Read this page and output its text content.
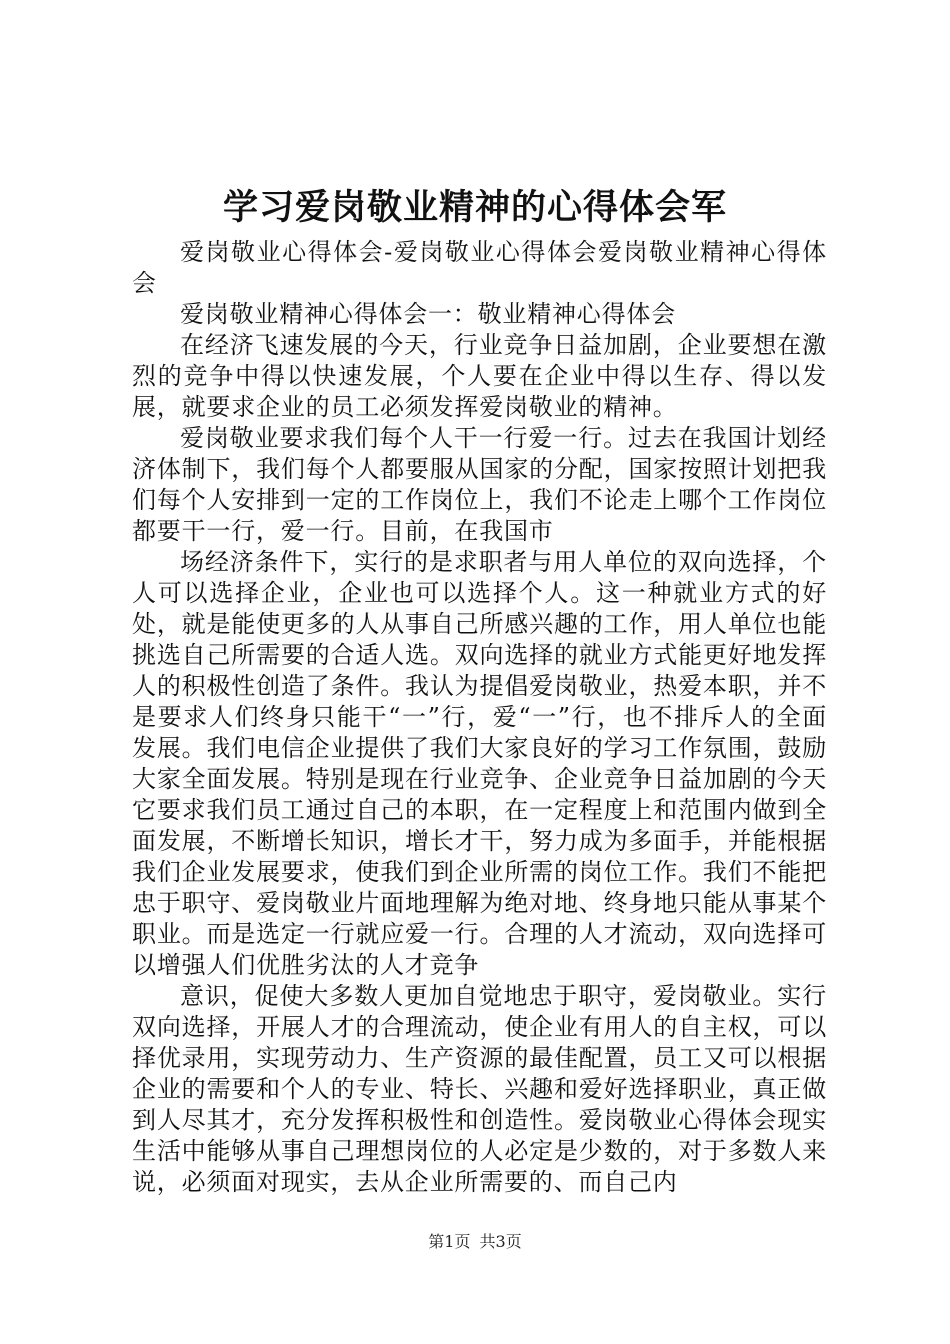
学习爱岗敬业精神的心得体会军

爱岗敬业心得体会-爱岗敬业心得体会爱岗敬业精神心得体会

爱岗敬业精神心得体会一：敬业精神心得体会

在经济飞速发展的今天，行业竞争日益加剧，企业要想在激烈的竞争中得以快速发展，个人要在企业中得以生存、得以发展，就要求企业的员工必须发挥爱岗敬业的精神。

爱岗敬业要求我们每个人干一行爱一行。过去在我国计划经济体制下，我们每个人都要服从国家的分配，国家按照计划把我们每个人安排到一定的工作岗位上，我们不论走上哪个工作岗位都要干一行，爱一行。目前，在我国市

场经济条件下，实行的是求职者与用人单位的双向选择，个人可以选择企业，企业也可以选择个人。这一种就业方式的好处，就是能使更多的人从事自己所感兴趣的工作，用人单位也能挑选自己所需要的合适人选。双向选择的就业方式能更好地发挥人的积极性创造了条件。我认为提倡爱岗敬业，热爱本职，并不是要求人们终身只能干“一”行，爱“一”行，也不排斥人的全面发展。我们电信企业提供了我们大家良好的学习工作氛围，鼓励大家全面发展。特别是现在行业竞争、企业竞争日益加剧的今天它要求我们员工通过自己的本职，在一定程度上和范围内做到全面发展，不断增长知识，增长才干，努力成为多面手，并能根据我们企业发展要求，使我们到企业所需的岗位工作。我们不能把忠于职守、爱岗敬业片面地理解为绝对地、终身地只能从事某个职业。而是选定一行就应爱一行。合理的人才流动，双向选择可以增强人们优胜劣汰的人才竞争

意识，促使大多数人更加自觉地忠于职守，爱岗敬业。实行双向选择，开展人才的合理流动，使企业有用人的自主权，可以择优录用，实现劳动力、生产资源的最佳配置，员工又可以根据企业的需要和个人的专业、特长、兴趣和爱好选择职业，真正做到人尽其才，充分发挥积极性和创造性。爱岗敬业心得体会现实生活中能够从事自己理想岗位的人必定是少数的，对于多数人来说，必须面对现实，去从企业所需要的、而自己内

第1页 共3页
